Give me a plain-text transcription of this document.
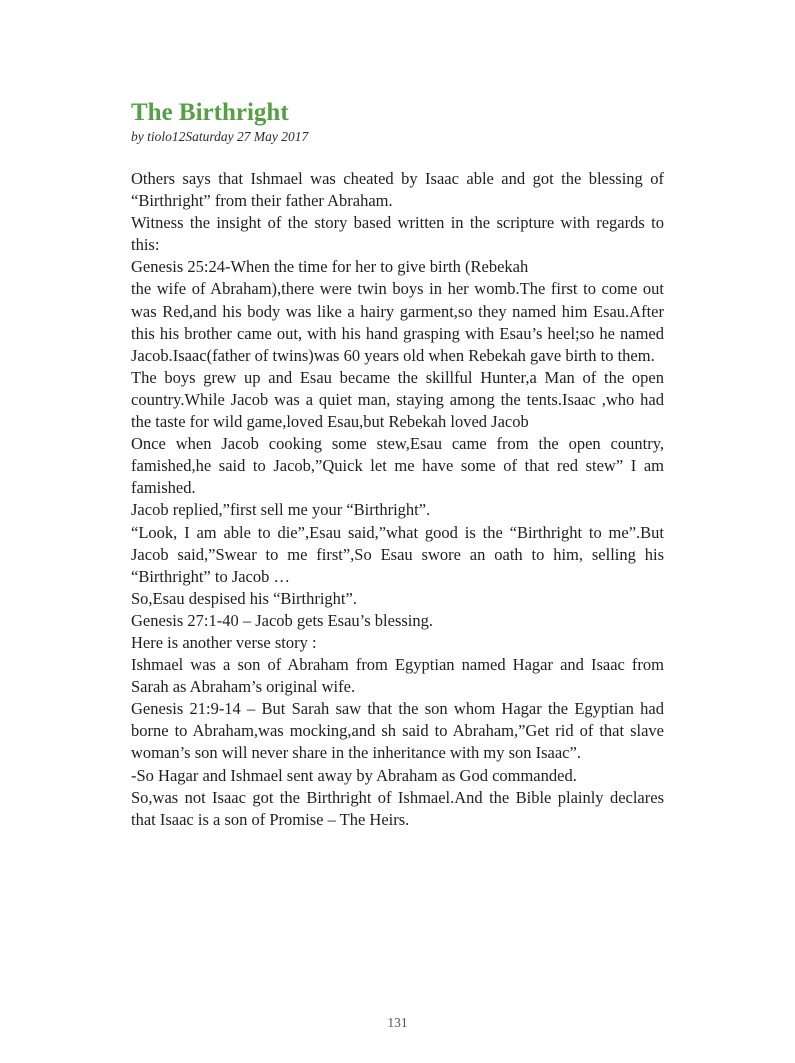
The Birthright

by tiolo12Saturday 27 May 2017

Others says that Ishmael was cheated by Isaac able and got the blessing of “Birthright” from their father Abraham.

Witness the insight of the story based written in the scripture with regards to this:

Genesis 25:24-When the time for her to give birth (Rebekah

the wife of Abraham),there were twin boys in her womb.The first to come out was Red,and his body was like a hairy garment,so they named him Esau.After this his brother came out, with his hand grasping with Esau’s heel;so he named Jacob.Isaac(father of twins)was 60 years old when Rebekah gave birth to them.

The boys grew up and Esau became the skillful Hunter,a Man of the open country.While Jacob was a quiet man, staying among the tents.Isaac ,who had the taste for wild game,loved Esau,but Rebekah loved Jacob

Once when Jacob cooking some stew,Esau came from the open country, famished,he said to Jacob,”Quick let me have some of that red stew” I am famished.

Jacob replied,”first sell me your “Birthright”.

“Look, I am able to die”,Esau said,”what good is the “Birthright to me”.But Jacob said,”Swear to me first”,So Esau swore an oath to him, selling his “Birthright” to Jacob …

So,Esau despised his “Birthright”.

Genesis 27:1-40 – Jacob gets Esau’s blessing.

Here is another verse story :

Ishmael was a son of Abraham from Egyptian named Hagar and Isaac from Sarah as Abraham’s original wife.

Genesis 21:9-14 – But Sarah saw that the son whom Hagar the Egyptian had borne to Abraham,was mocking,and sh said to Abraham,”Get rid of that slave woman’s son will never share in the inheritance with my son Isaac”.

-So Hagar and Ishmael sent away by Abraham as God commanded.

So,was not Isaac got the Birthright of Ishmael.And the Bible plainly declares that Isaac is a son of Promise – The Heirs.

131
